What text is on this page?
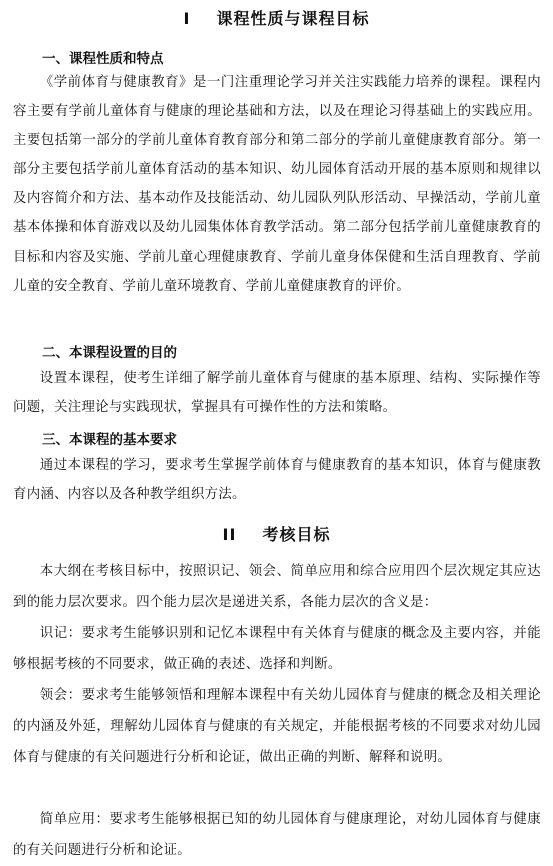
I 课程性质与课程目标
一、课程性质和特点

《学前体育与健康教育》是一门注重理论学习并关注实践能力培养的课程。课程内容主要有学前儿童体育与健康的理论基础和方法，以及在理论习得基础上的实践应用。主要包括第一部分的学前儿童体育教育部分和第二部分的学前儿童健康教育部分。第一部分主要包括学前儿童体育活动的基本知识、幼儿园体育活动开展的基本原则和规律以及内容简介和方法、基本动作及技能活动、幼儿园队列队形活动、早操活动，学前儿童基本体操和体育游戏以及幼儿园集体体育教学活动。第二部分包括学前儿童健康教育的目标和内容及实施、学前儿童心理健康教育、学前儿童身体保健和生活自理教育、学前儿童的安全教育、学前儿童环境教育、学前儿童健康教育的评价。

二、本课程设置的目的

设置本课程，使考生详细了解学前儿童体育与健康的基本原理、结构、实际操作等问题，关注理论与实践现状，掌握具有可操作性的方法和策略。

三、本课程的基本要求

通过本课程的学习，要求考生掌握学前体育与健康教育的基本知识，体育与健康教育内涵、内容以及各种教学组织方法。

II 考核目标

本大纲在考核目标中，按照识记、领会、简单应用和综合应用四个层次规定其应达到的能力层次要求。四个能力层次是递进关系，各能力层次的含义是：

识记：要求考生能够识别和记忆本课程中有关体育与健康的概念及主要内容，并能够根据考核的不同要求，做正确的表述、选择和判断。

领会：要求考生能够领悟和理解本课程中有关幼儿园体育与健康的概念及相关理论的内涵及外延，理解幼儿园体育与健康的有关规定，并能根据考核的不同要求对幼儿园体育与健康的有关问题进行分析和论证，做出正确的判断、解释和说明。

简单应用：要求考生能够根据已知的幼儿园体育与健康理论，对幼儿园体育与健康的有关问题进行分析和论证。
